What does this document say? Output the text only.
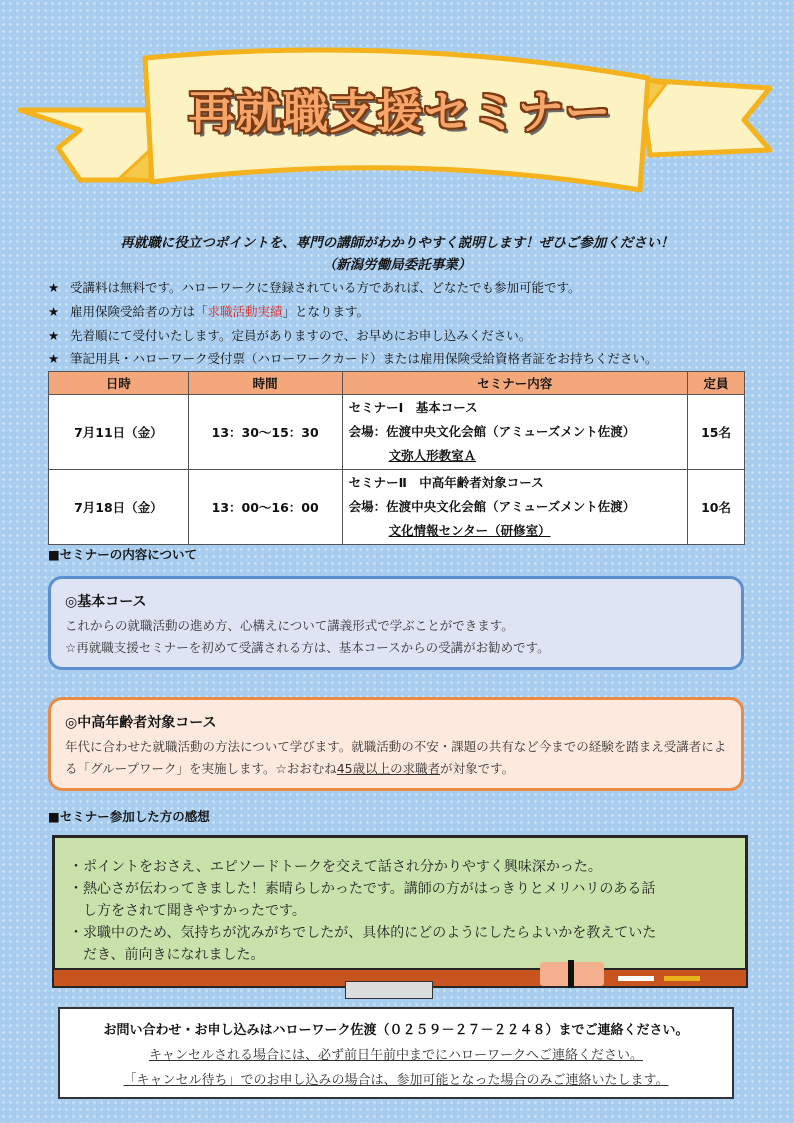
再就職支援セミナー
再就職に役立つポイントを、専門の講師がわかりやすく説明します！ぜひご参加ください！
（新潟労働局委託事業）
★ 受講料は無料です。ハローワークに登録されている方であれば、どなたでも参加可能です。
★ 雇用保険受給者の方は「求職活動実績」となります。
★ 先着順にて受付いたします。定員がありますので、お早めにお申し込みください。
★ 筆記用具・ハローワーク受付票（ハローワークカード）または雇用保険受給資格者証をお持ちください。
日時	時間	セミナー内容	定員
7月11日（金）	13：30〜15：30	セミナーⅠ　基本コース
会場：佐渡中央文化会館（アミューズメント佐渡）
文弥人形教室Ａ	15名
7月18日（金）	13：00〜16：00	セミナーⅡ　中高年齢者対象コース
会場：佐渡中央文化会館（アミューズメント佐渡）
文化情報センター（研修室）	10名
■セミナーの内容について
◎基本コース
これからの就職活動の進め方、心構えについて講義形式で学ぶことができます。
☆再就職支援セミナーを初めて受講される方は、基本コースからの受講がお勧めです。
◎中高年齢者対象コース
年代に合わせた就職活動の方法について学びます。就職活動の不安・課題の共有など今までの経験を踏まえ受講者による「グループワーク」を実施します。☆おおむね45歳以上の求職者が対象です。
■セミナー参加した方の感想
・ポイントをおさえ、エピソードトークを交えて話され分かりやすく興味深かった。
・熱心さが伝わってきました！素晴らしかったです。講師の方がはっきりとメリハリのある話
　し方をされて聞きやすかったです。
・求職中のため、気持ちが沈みがちでしたが、具体的にどのようにしたらよいかを教えていた
　だき、前向きになれました。
お問い合わせ・お申し込みはハローワーク佐渡（０２５９－２７－２２４８）までご連絡ください。
キャンセルされる場合には、必ず前日午前中までにハローワークへご連絡ください。
「キャンセル待ち」でのお申し込みの場合は、参加可能となった場合のみご連絡いたします。
